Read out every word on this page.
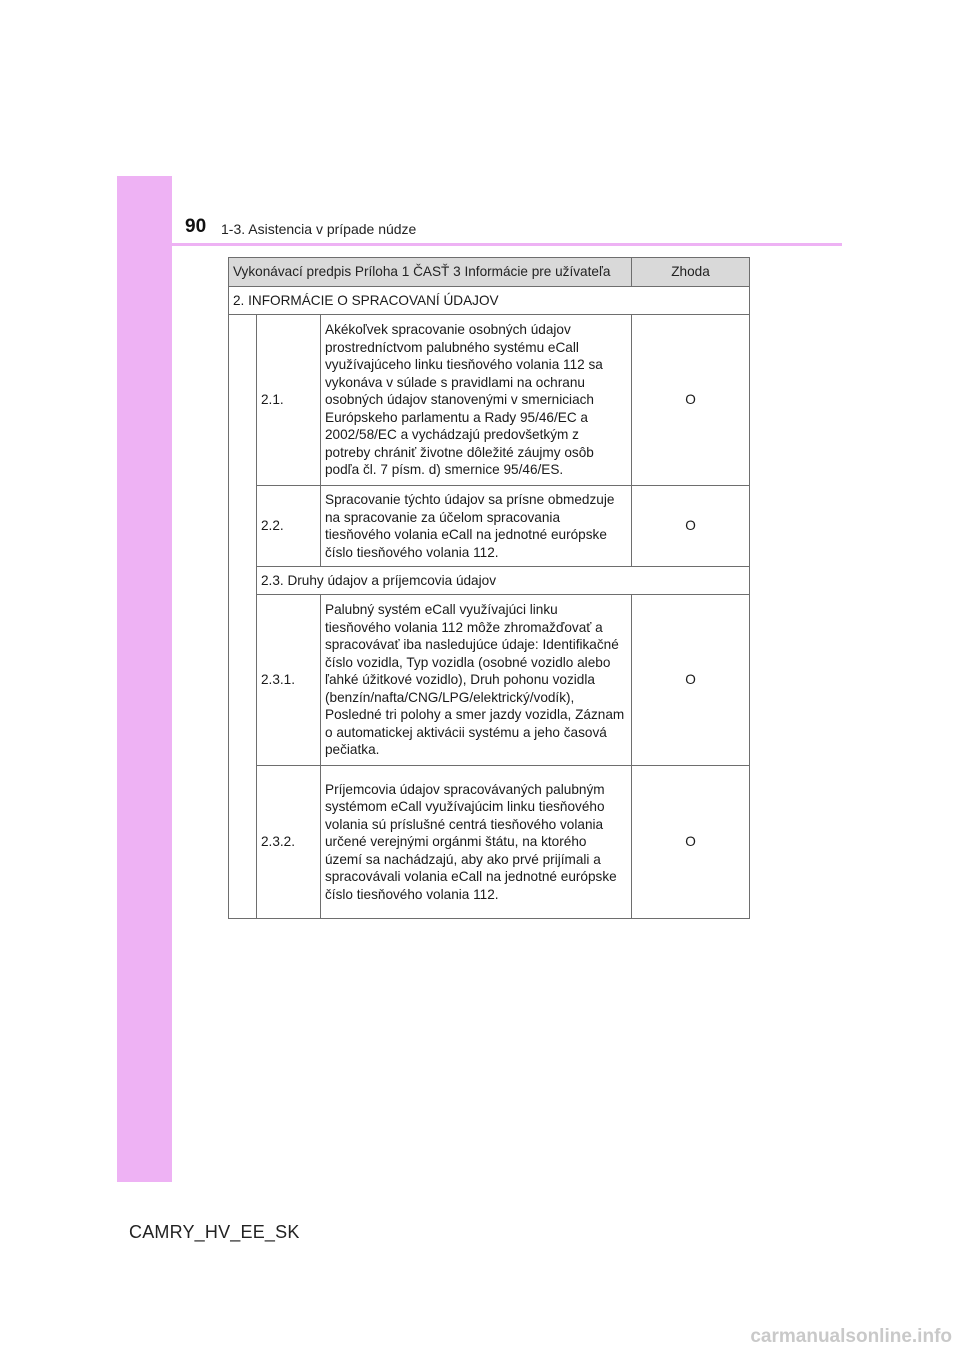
90 1-3. Asistencia v prípade núdze
Vykonávací predpis Príloha 1 ČASŤ 3 Informácie pre užívateľa			Zhoda
2. INFORMÁCIE O SPRACOVANÍ ÚDAJOV			
	2.1.	Akékoľvek spracovanie osobných údajov prostredníctvom palubného systému eCall využívajúceho linku tiesňového volania 112 sa vykonáva v súlade s pravidlami na ochranu osobných údajov stanovenými v smerniciach Európskeho parlamentu a Rady 95/46/EC a 2002/58/EC a vychádzajú predovšetkým z potreby chrániť životne dôležité záujmy osôb podľa čl. 7 písm. d) smernice 95/46/ES.	O
	2.2.	Spracovanie týchto údajov sa prísne obmedzuje na spracovanie za účelom spracovania tiesňového volania eCall na jednotné európske číslo tiesňového volania 112.	O
	2.3. Druhy údajov a príjemcovia údajov		
	2.3.1.	Palubný systém eCall využívajúci linku tiesňového volania 112 môže zhromažďovať a spracovávať iba nasledujúce údaje: Identifikačné číslo vozidla, Typ vozidla (osobné vozidlo alebo ľahké úžitkové vozidlo), Druh pohonu vozidla (benzín/nafta/CNG/LPG/elektrický/vodík), Posledné tri polohy a smer jazdy vozidla, Záznam o automatickej aktivácii systému a jeho časová pečiatka.	O
	2.3.2.	Príjemcovia údajov spracovávaných palubným systémom eCall využívajúcim linku tiesňového volania sú príslušné centrá tiesňového volania určené verejnými orgánmi štátu, na ktorého území sa nachádzajú, aby ako prvé prijímali a spracovávali volania eCall na jednotné európske číslo tiesňového volania 112.	O
CAMRY_HV_EE_SK
carmanualsonline.info
